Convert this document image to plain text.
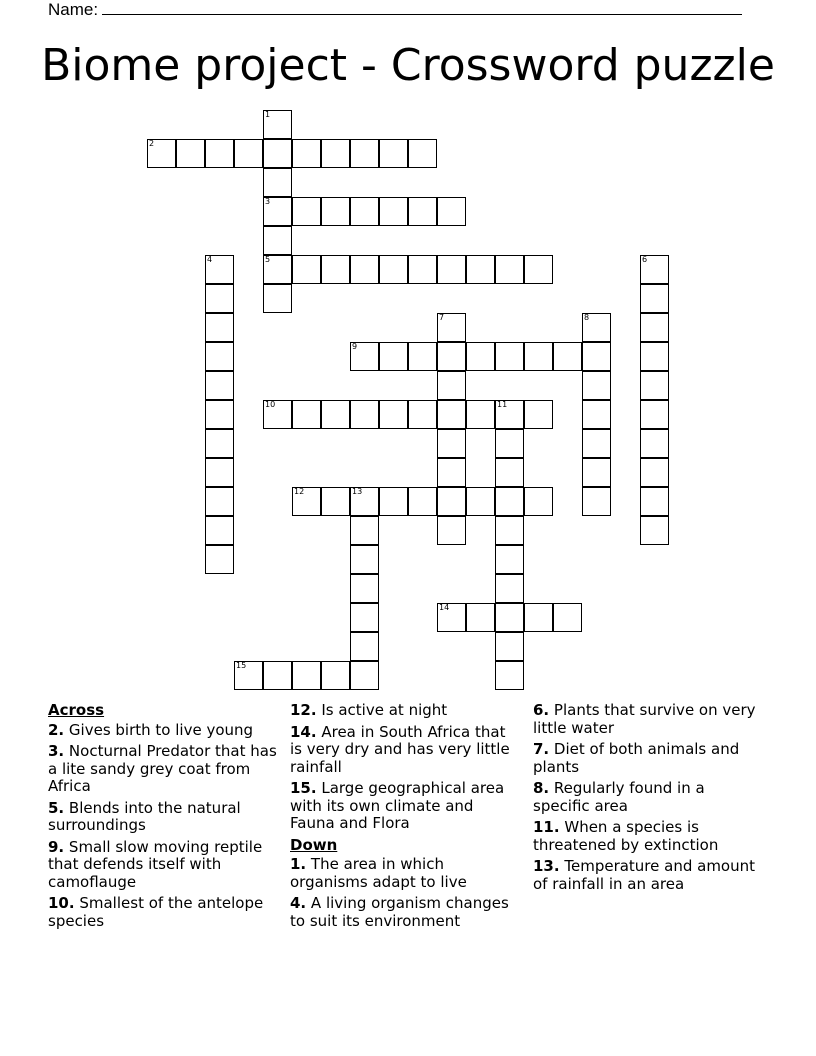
Name:
Biome project - Crossword puzzle
1
3
5
2
4	6
7	8
9
10	11
12	13
14
15
Across
2. Gives birth to live young
3. Nocturnal Predator that has a lite sandy grey coat from Africa
5. Blends into the natural surroundings
9. Small slow moving reptile that defends itself with camoflauge
10. Smallest of the antelope species
12. Is active at night
14. Area in South Africa that is very dry and has very little rainfall
15. Large geographical area with its own climate and Fauna and Flora
Down
1. The area in which organisms adapt to live
4. A living organism changes to suit its environment
6. Plants that survive on very little water
7. Diet of both animals and plants
8. Regularly found in a specific area
11. When a species is threatened by extinction
13. Temperature and amount of rainfall in an area
